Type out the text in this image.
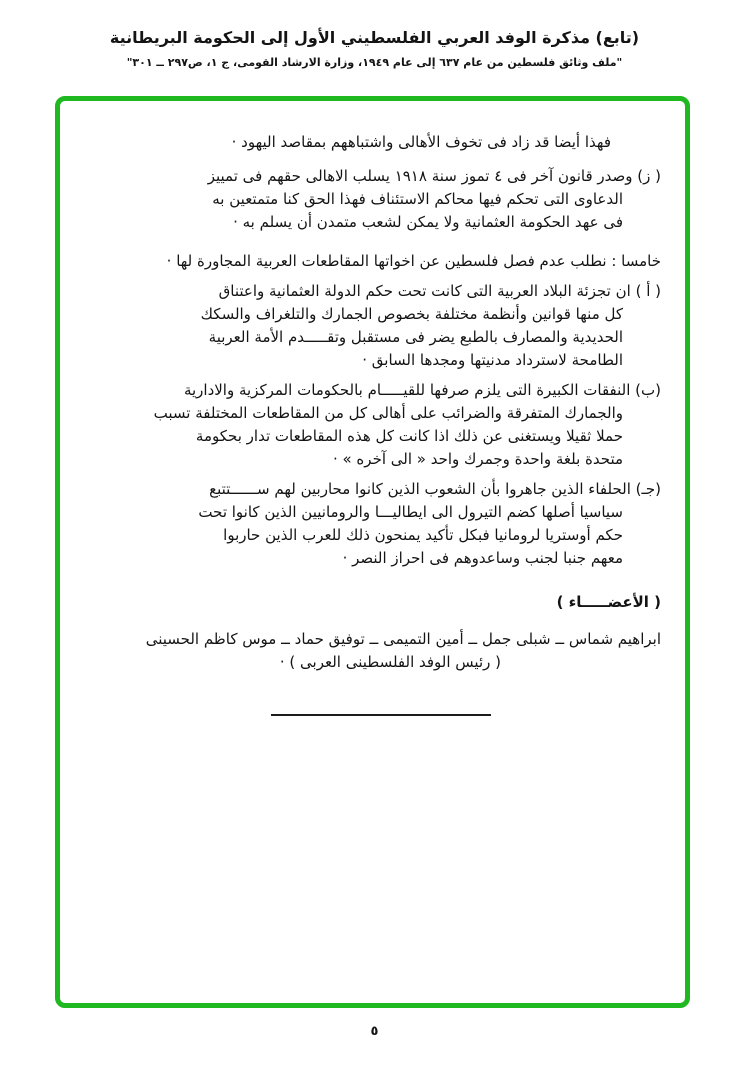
(تابع) مذكرة الوفد العربي الفلسطيني الأول إلى الحكومة البريطانية
"ملف وثائق فلسطين من عام ٦٣٧ إلى عام ١٩٤٩، وزارة الارشاد القومى، ج ١، ص٢٩٧ ــ ٣٠١"

فهذا أيضا قد زاد فى تخوف الأهالى واشتباههم بمقاصد اليهود ·

( ز) وصدر قانون آخر فى ٤ تموز سنة ١٩١٨ يسلب الاهالى حقهم فى تمييز
الدعاوى التى تحكم فيها محاكم الاستئناف فهذا الحق كنا متمتعين به
فى عهد الحكومة العثمانية ولا يمكن لشعب متمدن أن يسلم به ·

خامسا : نطلب عدم فصل فلسطين عن اخواتها المقاطعات العربية المجاورة لها ·

( أ ) ان تجزئة البلاد العربية التى كانت تحت حكم الدولة العثمانية واعتناق
كل منها قوانين وأنظمة مختلفة بخصوص الجمارك والتلغراف والسكك
الحديدية والمصارف بالطبع يضر فى مستقبل وتقـــــدم الأمة العربية
الطامحة لاسترداد مدنيتها ومجدها السابق ·

(ب) النفقات الكبيرة التى يلزم صرفها للقيـــــام بالحكومات المركزية والادارية
والجمارك المتفرقة والضرائب على أهالى كل من المقاطعات المختلفة تسبب
حملا ثقيلا ويستغنى عن ذلك اذا كانت كل هذه المقاطعات تدار بحكومة
متحدة بلغة واحدة وجمرك واحد « الى آخره » ·

(جـ) الحلفاء الذين جاهروا بأن الشعوب الذين كانوا محاربين لهم ســــــتتبع
سياسيا أصلها كضم التيرول الى ايطاليـــا والرومانيين الذين كانوا تحت
حكم أوستريا لرومانيا فبكل تأكيد يمنحون ذلك للعرب الذين حاربوا
معهم جنبا لجنب وساعدوهم فى احراز النصر ·

( الأعضـــــاء )

ابراهيم شماس ــ شبلى جمل ــ أمين التميمى ــ توفيق حماد ــ موس كاظم الحسينى
( رئيس الوفد الفلسطينى العربى ) ·

٥
